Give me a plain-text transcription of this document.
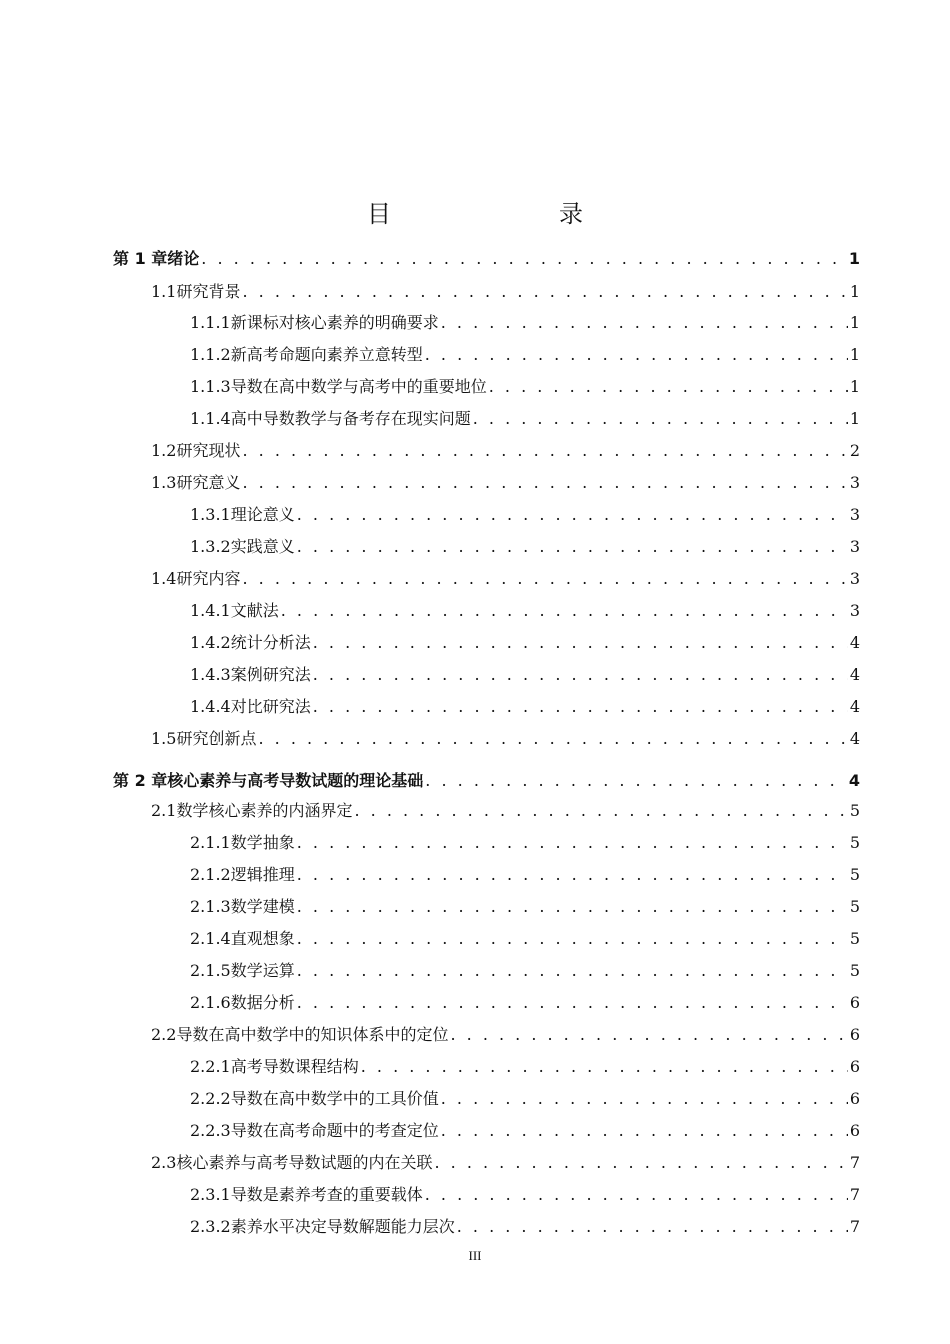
目　　录
第 1 章 绪论 . . .	1
1.1 研究背景 . . .	1
1.1.1 新课标对核心素养的明确要求 . . .	1
1.1.2 新高考命题向素养立意转型 . . .	1
1.1.3 导数在高中数学与高考中的重要地位 . . .	1
1.1.4 高中导数教学与备考存在现实问题 . . .	1
1.2 研究现状 . . .	2
1.3 研究意义 . . .	3
1.3.1 理论意义 . . .	3
1.3.2 实践意义 . . .	3
1.4 研究内容 . . .	3
1.4.1 文献法 . . .	3
1.4.2 统计分析法 . . .	4
1.4.3 案例研究法 . . .	4
1.4.4 对比研究法 . . .	4
1.5 研究创新点 . . .	4
第 2 章 核心素养与高考导数试题的理论基础 . . .	4
2.1 数学核心素养的内涵界定 . . .	5
2.1.1 数学抽象 . . .	5
2.1.2 逻辑推理 . . .	5
2.1.3 数学建模 . . .	5
2.1.4 直观想象 . . .	5
2.1.5 数学运算 . . .	5
2.1.6 数据分析 . . .	6
2.2 导数在高中数学中的知识体系中的定位 . . .	6
2.2.1 高考导数课程结构 . . .	6
2.2.2 导数在高中数学中的工具价值 . . .	6
2.2.3 导数在高考命题中的考查定位 . . .	6
2.3 核心素养与高考导数试题的内在关联 . . .	7
2.3.1 导数是素养考查的重要载体 . . .	7
2.3.2 素养水平决定导数解题能力层次 . . .	7
III
